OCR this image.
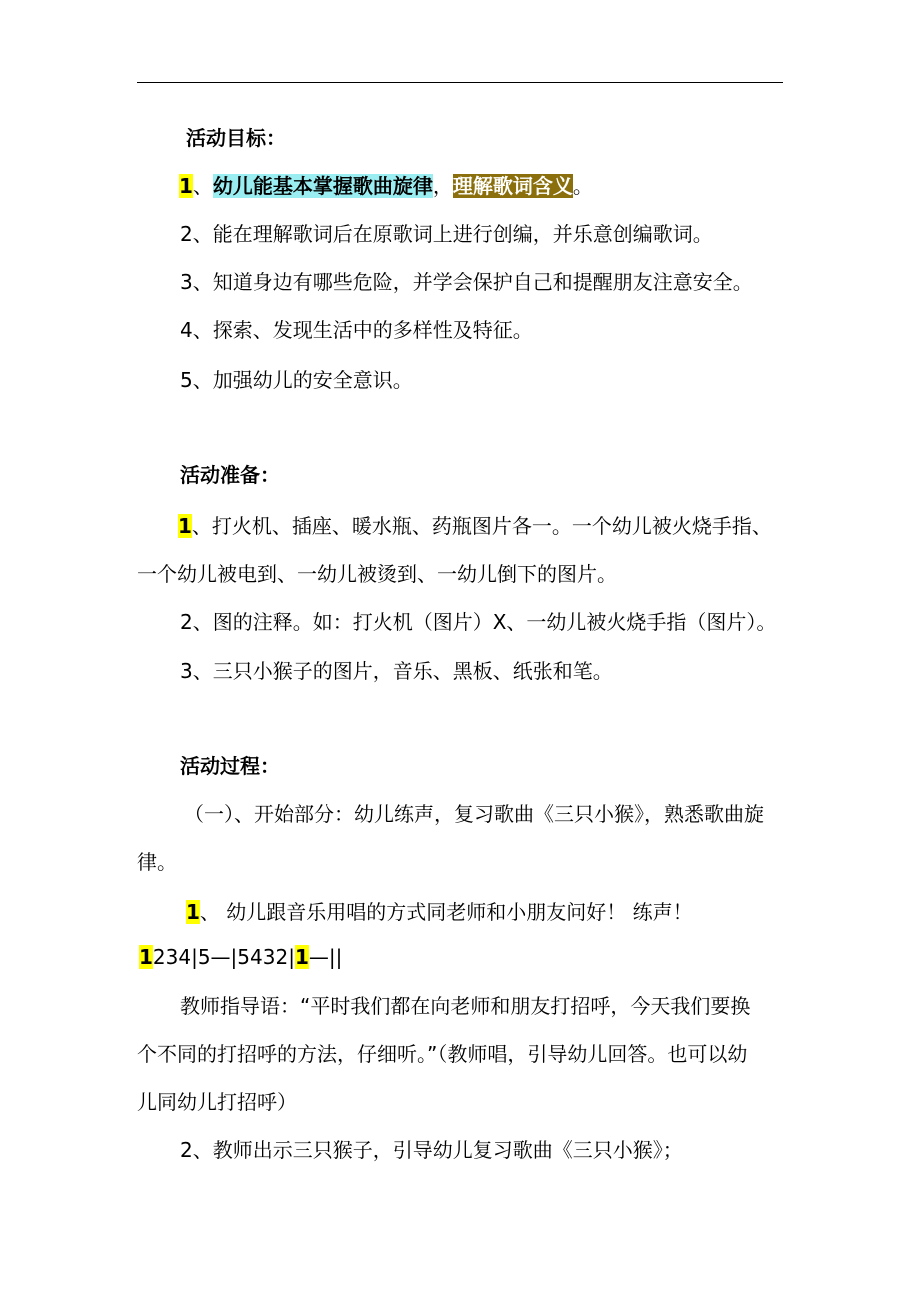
活动目标：
1、幼儿能基本掌握歌曲旋律，理解歌词含义。
2、能在理解歌词后在原歌词上进行创编，并乐意创编歌词。
3、知道身边有哪些危险，并学会保护自己和提醒朋友注意安全。
4、探索、发现生活中的多样性及特征。
5、加强幼儿的安全意识。
活动准备：
1、打火机、插座、暖水瓶、药瓶图片各一。一个幼儿被火烧手指、
一个幼儿被电到、一幼儿被烫到、一幼儿倒下的图片。
2、图的注释。如：打火机（图片）X、一幼儿被火烧手指（图片）。
3、三只小猴子的图片，音乐、黑板、纸张和笔。
活动过程：
（一）、开始部分：幼儿练声，复习歌曲《三只小猴》，熟悉歌曲旋
律。
1、 幼儿跟音乐用唱的方式同老师和小朋友问好！ 练声！
1234|5—|5432|1—||
教师指导语：“平时我们都在向老师和朋友打招呼，今天我们要换
个不同的打招呼的方法，仔细听。”（教师唱，引导幼儿回答。也可以幼
儿同幼儿打招呼）
2、教师出示三只猴子，引导幼儿复习歌曲《三只小猴》；
